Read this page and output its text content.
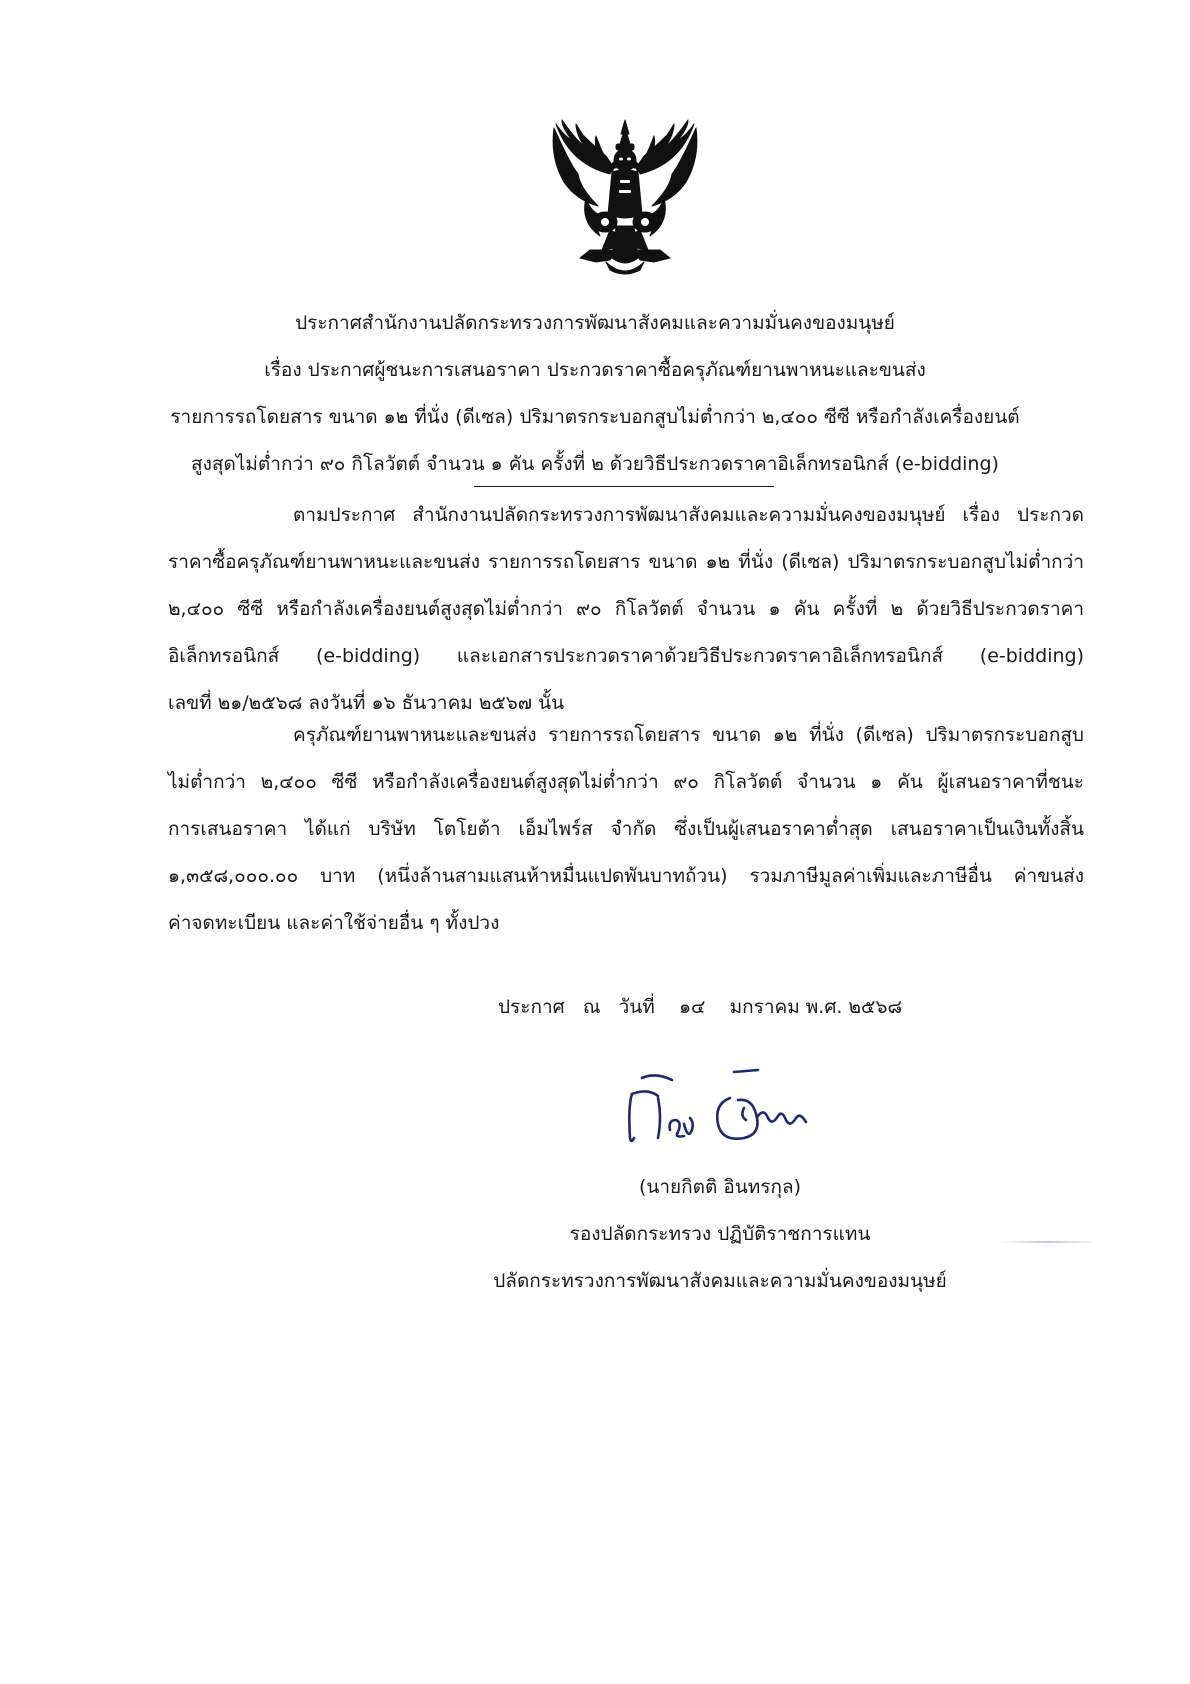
ประกาศสำนักงานปลัดกระทรวงการพัฒนาสังคมและความมั่นคงของมนุษย์
เรื่อง ประกาศผู้ชนะการเสนอราคา ประกวดราคาซื้อครุภัณฑ์ยานพาหนะและขนส่ง
รายการรถโดยสาร ขนาด ๑๒ ที่นั่ง (ดีเซล) ปริมาตรกระบอกสูบไม่ต่ำกว่า ๒,๔๐๐ ซีซี หรือกำลังเครื่องยนต์
สูงสุดไม่ต่ำกว่า ๙๐ กิโลวัตต์ จำนวน ๑ คัน ครั้งที่ ๒ ด้วยวิธีประกวดราคาอิเล็กทรอนิกส์ (e-bidding)
ตามประกาศ สำนักงานปลัดกระทรวงการพัฒนาสังคมและความมั่นคงของมนุษย์ เรื่อง ประกวด
ราคาซื้อครุภัณฑ์ยานพาหนะและขนส่ง รายการรถโดยสาร ขนาด ๑๒ ที่นั่ง (ดีเซล) ปริมาตรกระบอกสูบไม่ต่ำกว่า
๒,๔๐๐ ซีซี หรือกำลังเครื่องยนต์สูงสุดไม่ต่ำกว่า ๙๐ กิโลวัตต์ จำนวน ๑ คัน ครั้งที่ ๒ ด้วยวิธีประกวดราคา
อิเล็กทรอนิกส์ (e-bidding) และเอกสารประกวดราคาด้วยวิธีประกวดราคาอิเล็กทรอนิกส์ (e-bidding)
เลขที่ ๒๑/๒๕๖๘ ลงวันที่ ๑๖ ธันวาคม ๒๕๖๗ นั้น
ครุภัณฑ์ยานพาหนะและขนส่ง รายการรถโดยสาร ขนาด ๑๒ ที่นั่ง (ดีเซล) ปริมาตรกระบอกสูบ
ไม่ต่ำกว่า ๒,๔๐๐ ซีซี หรือกำลังเครื่องยนต์สูงสุดไม่ต่ำกว่า ๙๐ กิโลวัตต์ จำนวน ๑ คัน ผู้เสนอราคาที่ชนะ
การเสนอราคา ได้แก่ บริษัท โตโยต้า เอ็มไพร์ส จำกัด ซึ่งเป็นผู้เสนอราคาต่ำสุด เสนอราคาเป็นเงินทั้งสิ้น
๑,๓๕๘,๐๐๐.๐๐ บาท (หนึ่งล้านสามแสนห้าหมื่นแปดพันบาทถ้วน) รวมภาษีมูลค่าเพิ่มและภาษีอื่น ค่าขนส่ง
ค่าจดทะเบียน และค่าใช้จ่ายอื่น ๆ ทั้งปวง
ประกาศ ณ วันที่ ๑๔ มกราคม พ.ศ. ๒๕๖๘
(นายกิตติ อินทรกุล)
รองปลัดกระทรวง ปฏิบัติราชการแทน
ปลัดกระทรวงการพัฒนาสังคมและความมั่นคงของมนุษย์
